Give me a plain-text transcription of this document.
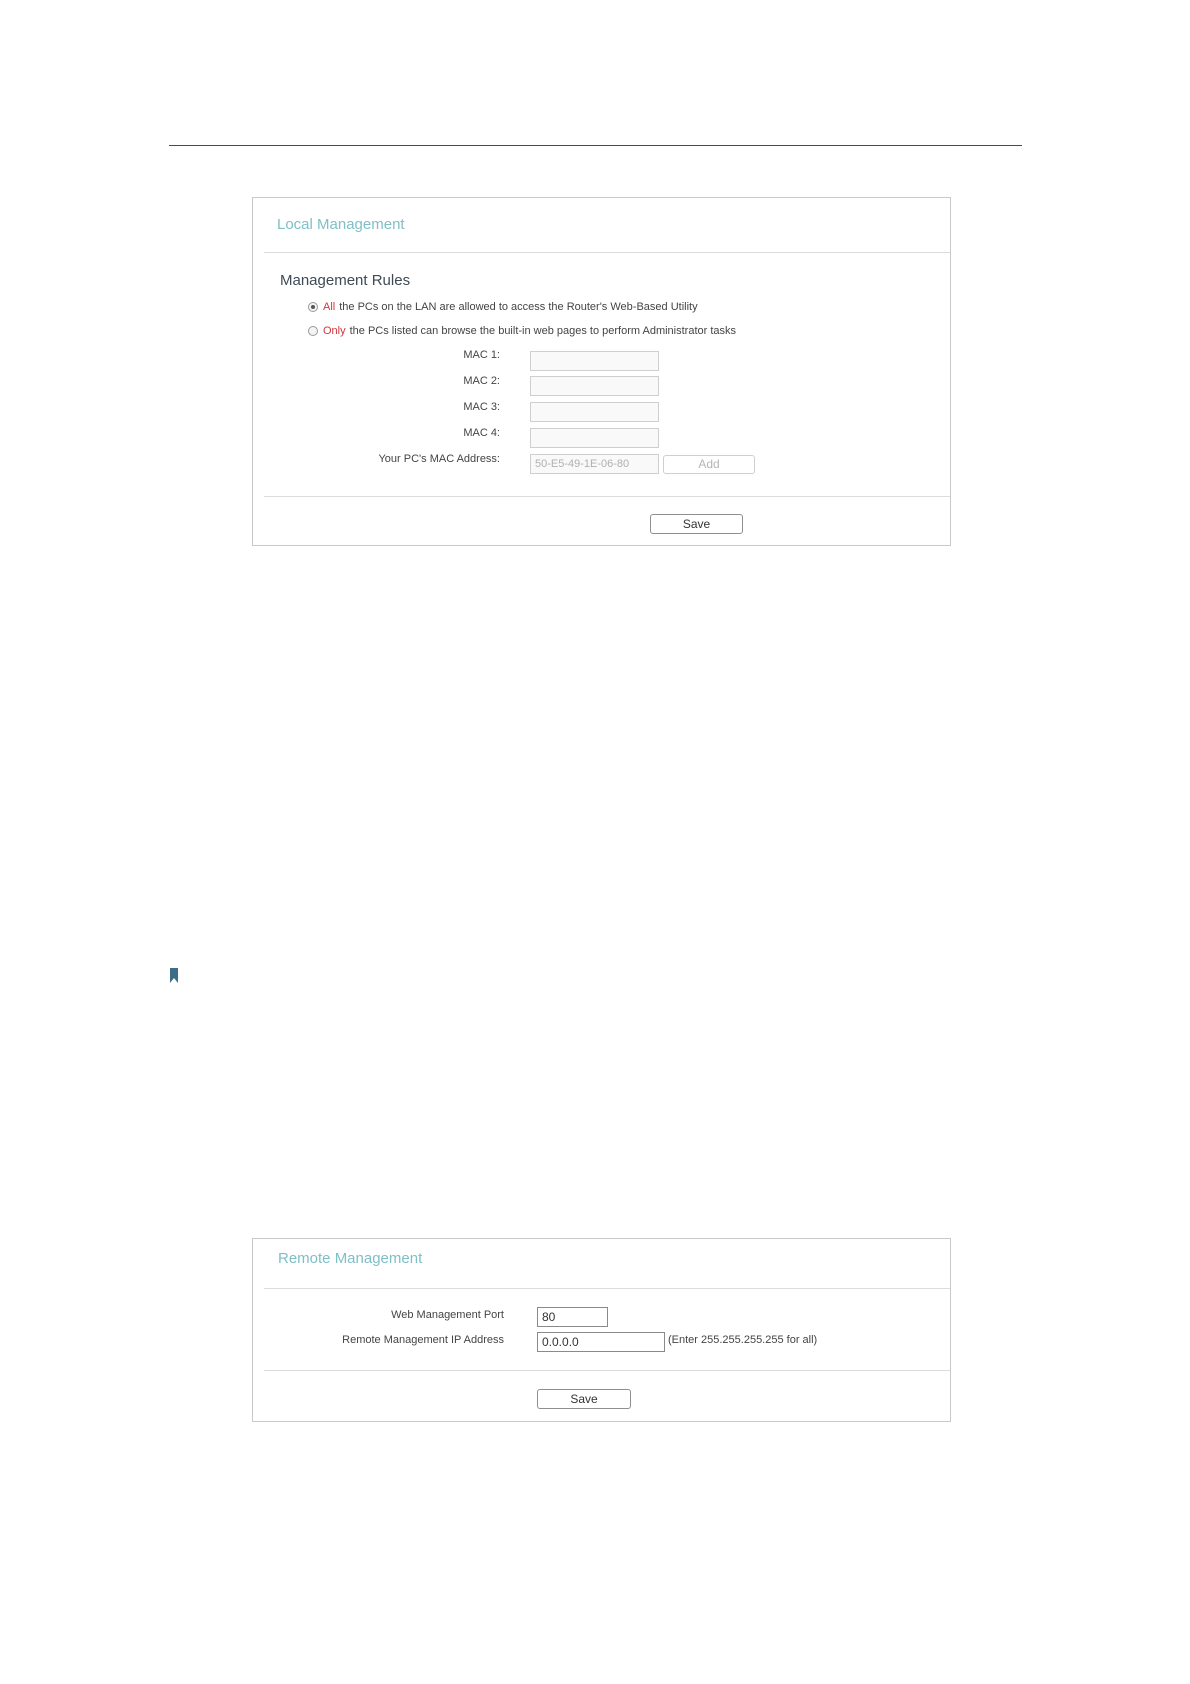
Local Management
Management Rules
All the PCs on the LAN are allowed to access the Router's Web-Based Utility
Only the PCs listed can browse the built-in web pages to perform Administrator tasks
MAC 1:
MAC 2:
MAC 3:
MAC 4:
Your PC's MAC Address:
50-E5-49-1E-06-80	Add
Save
Remote Management
Web Management Port
80
Remote Management IP Address
0.0.0.0	(Enter 255.255.255.255 for all)
Save
